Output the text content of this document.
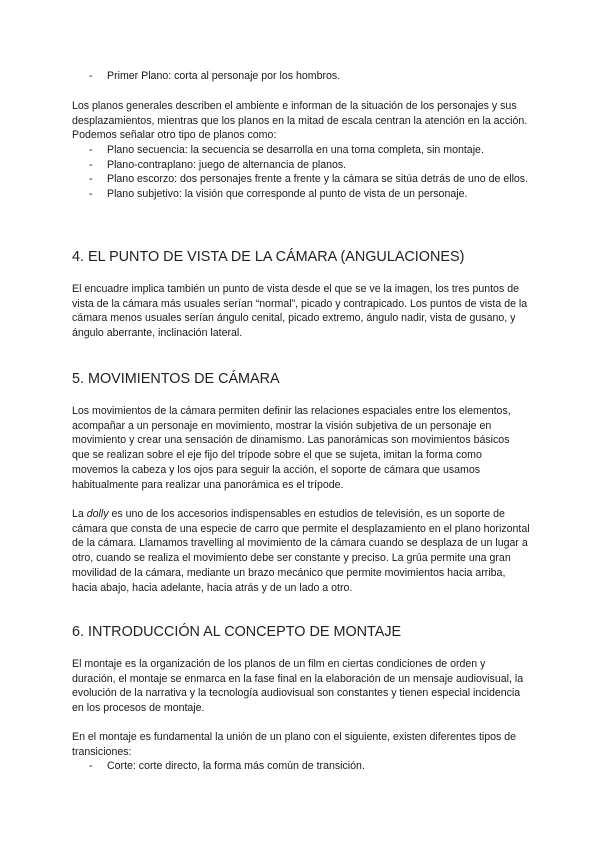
- Primer Plano: corta al personaje por los hombros.

Los planos generales describen el ambiente e informan de la situación de los personajes y sus desplazamientos, mientras que los planos en la mitad de escala centran la atención en la acción. Podemos señalar otro tipo de planos como:

- Plano secuencia: la secuencia se desarrolla en una toma completa, sin montaje.
- Plano-contraplano: juego de alternancia de planos.
- Plano escorzo: dos personajes frente a frente y la cámara se sitúa detrás de uno de ellos.
- Plano subjetivo: la visión que corresponde al punto de vista de un personaje.
4. EL PUNTO DE VISTA DE LA CÁMARA (ANGULACIONES)

El encuadre implica también un punto de vista desde el que se ve la imagen, los tres puntos de vista de la cámara más usuales serían “normal”, picado y contrapicado. Los puntos de vista de la cámara menos usuales serían ángulo cenital, picado extremo, ángulo nadir, vista de gusano, y ángulo aberrante, inclinación lateral.

5. MOVIMIENTOS DE CÁMARA

Los movimientos de la cámara permiten definir las relaciones espaciales entre los elementos, acompañar a un personaje en movimiento, mostrar la visión subjetiva de un personaje en movimiento y crear una sensación de dinamismo. Las panorámicas son movimientos básicos que se realizan sobre el eje fijo del trípode sobre el que se sujeta, imitan la forma como movemos la cabeza y los ojos para seguir la acción, el soporte de cámara que usamos habitualmente para realizar una panorámica es el trípode.

La dolly es uno de los accesorios indispensables en estudios de televisión, es un soporte de cámara que consta de una especie de carro que permite el desplazamiento en el plano horizontal de la cámara. Llamamos travelling al movimiento de la cámara cuando se desplaza de un lugar a otro, cuando se realiza el movimiento debe ser constante y preciso. La grúa permite una gran movilidad de la cámara, mediante un brazo mecánico que permite movimientos hacia arriba, hacia abajo, hacia adelante, hacia atrás y de un lado a otro.

6. INTRODUCCIÓN AL CONCEPTO DE MONTAJE

El montaje es la organización de los planos de un film en ciertas condiciones de orden y duración, el montaje se enmarca en la fase final en la elaboración de un mensaje audiovisual, la evolución de la narrativa y la tecnología audiovisual son constantes y tienen especial incidencia en los procesos de montaje.

En el montaje es fundamental la unión de un plano con el siguiente, existen diferentes tipos de transiciones:

- Corte: corte directo, la forma más común de transición.
